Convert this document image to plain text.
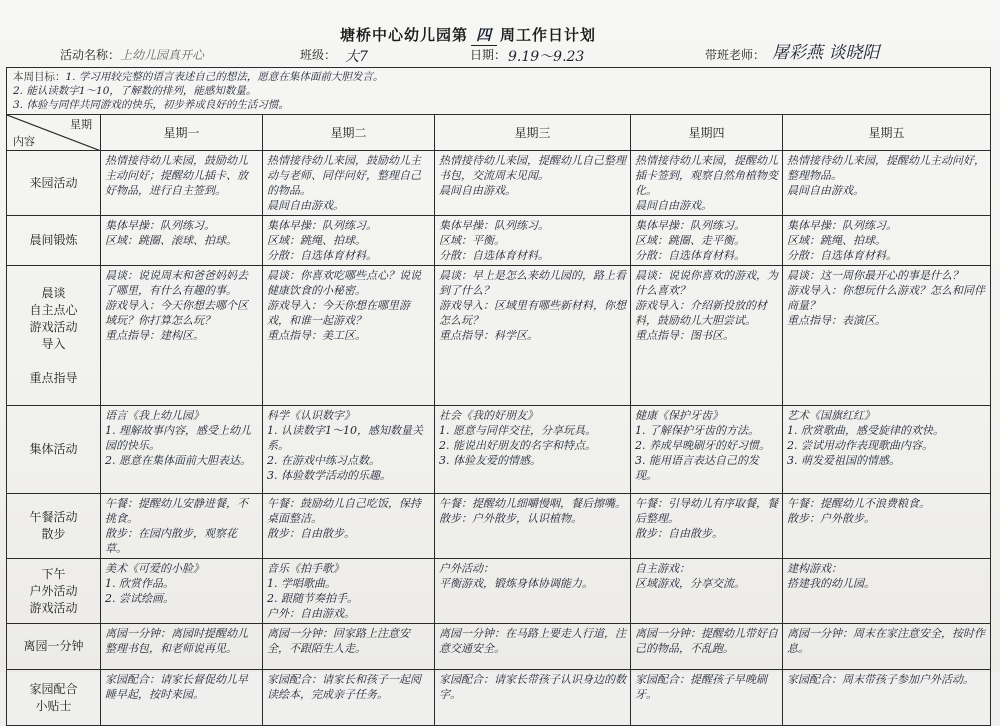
塘桥中心幼儿园第 四 周工作日计划
活动名称： 上幼儿园真开心	班级： 大7	日期： 9.19～9.23	带班老师： 屠彩燕 谈晓阳
本周目标：1. 学习用较完整的语言表述自己的想法，愿意在集体面前大胆发言。
2. 能认读数字1～10，了解数的排列，能感知数量。
3. 体验与同伴共同游戏的快乐，初步养成良好的生活习惯。					

星期
内容	星期一	星期二	星期三	星期四	星期五
来园活动	热情接待幼儿来园，鼓励幼儿主动问好；提醒幼儿插卡、放好物品，进行自主签到。	热情接待幼儿来园，鼓励幼儿主动与老师、同伴问好，整理自己的物品。
晨间自由游戏。	热情接待幼儿来园，提醒幼儿自己整理书包，交流周末见闻。
晨间自由游戏。	热情接待幼儿来园，提醒幼儿插卡签到，观察自然角植物变化。
晨间自由游戏。	热情接待幼儿来园，提醒幼儿主动问好，整理物品。
晨间自由游戏。
晨间锻炼	集体早操：队列练习。
区域：跳圈、滚球、拍球。	集体早操：队列练习。
区域：跳绳、拍球。
分散：自选体育材料。	集体早操：队列练习。
区域：平衡。
分散：自选体育材料。	集体早操：队列练习。
区域：跳圈、走平衡。
分散：自选体育材料。	集体早操：队列练习。
区域：跳绳、拍球。
分散：自选体育材料。
晨谈
自主点心
游戏活动
导入

重点指导	晨谈：说说周末和爸爸妈妈去了哪里，有什么有趣的事。
游戏导入：今天你想去哪个区域玩？你打算怎么玩？
重点指导：建构区。	晨谈：你喜欢吃哪些点心？说说健康饮食的小秘密。
游戏导入：今天你想在哪里游戏，和谁一起游戏？
重点指导：美工区。	晨谈：早上是怎么来幼儿园的，路上看到了什么？
游戏导入：区域里有哪些新材料，你想怎么玩？
重点指导：科学区。	晨谈：说说你喜欢的游戏，为什么喜欢？
游戏导入：介绍新投放的材料，鼓励幼儿大胆尝试。
重点指导：图书区。	晨谈：这一周你最开心的事是什么？
游戏导入：你想玩什么游戏？怎么和同伴商量？
重点指导：表演区。
集体活动	语言《我上幼儿园》
1. 理解故事内容，感受上幼儿园的快乐。
2. 愿意在集体面前大胆表达。	科学《认识数字》
1. 认读数字1～10，感知数量关系。
2. 在游戏中练习点数。
3. 体验数学活动的乐趣。	社会《我的好朋友》
1. 愿意与同伴交往，分享玩具。
2. 能说出好朋友的名字和特点。
3. 体验友爱的情感。	健康《保护牙齿》
1. 了解保护牙齿的方法。
2. 养成早晚刷牙的好习惯。
3. 能用语言表达自己的发现。	艺术《国旗红红》
1. 欣赏歌曲，感受旋律的欢快。
2. 尝试用动作表现歌曲内容。
3. 萌发爱祖国的情感。
午餐活动
散步	午餐：提醒幼儿安静进餐，不挑食。
散步：在园内散步，观察花草。	午餐：鼓励幼儿自己吃饭，保持桌面整洁。
散步：自由散步。	午餐：提醒幼儿细嚼慢咽，餐后擦嘴。
散步：户外散步，认识植物。	午餐：引导幼儿有序取餐，餐后整理。
散步：自由散步。	午餐：提醒幼儿不浪费粮食。
散步：户外散步。
下午
户外活动
游戏活动	美术《可爱的小脸》
1. 欣赏作品。
2. 尝试绘画。	音乐《拍手歌》
1. 学唱歌曲。
2. 跟随节奏拍手。
户外：自由游戏。	户外活动：
平衡游戏，锻炼身体协调能力。	自主游戏：
区域游戏，分享交流。	建构游戏：
搭建我的幼儿园。
离园一分钟	离园一分钟：离园时提醒幼儿整理书包，和老师说再见。	离园一分钟：回家路上注意安全，不跟陌生人走。	离园一分钟：在马路上要走人行道，注意交通安全。	离园一分钟：提醒幼儿带好自己的物品，不乱跑。	离园一分钟：周末在家注意安全，按时作息。
家园配合
小贴士	家园配合：请家长督促幼儿早睡早起，按时来园。	家园配合：请家长和孩子一起阅读绘本，完成亲子任务。	家园配合：请家长带孩子认识身边的数字。	家园配合：提醒孩子早晚刷牙。	家园配合：周末带孩子参加户外活动。
